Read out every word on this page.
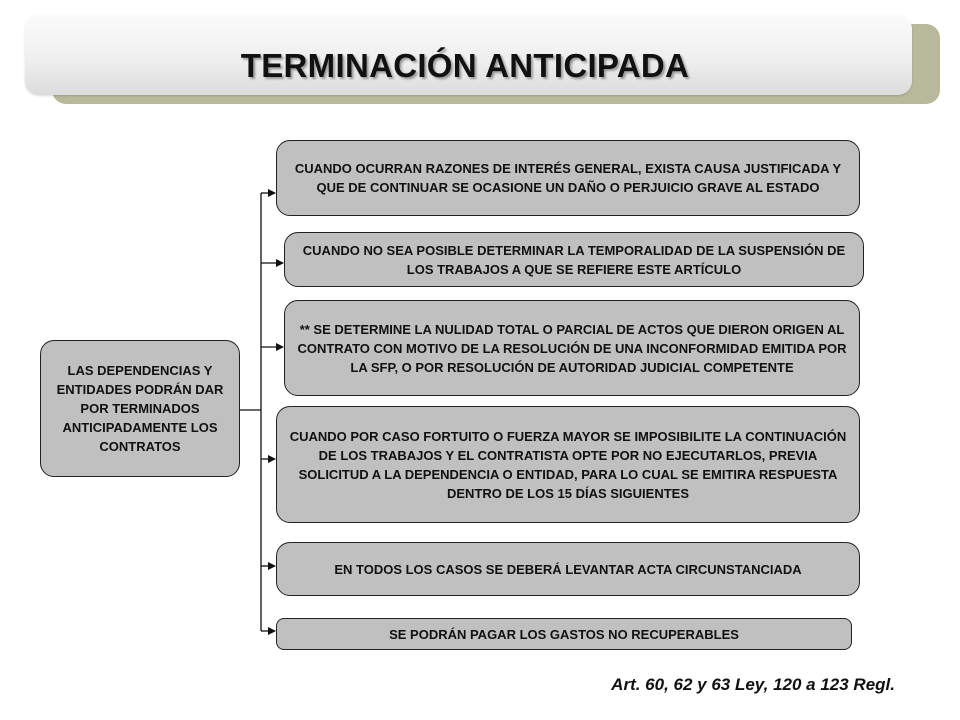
TERMINACIÓN ANTICIPADA
LAS DEPENDENCIAS Y ENTIDADES PODRÁN DAR POR TERMINADOS ANTICIPADAMENTE LOS CONTRATOS
CUANDO OCURRAN RAZONES DE INTERÉS GENERAL, EXISTA CAUSA JUSTIFICADA Y QUE DE CONTINUAR SE OCASIONE UN DAÑO O PERJUICIO GRAVE AL ESTADO
CUANDO NO SEA POSIBLE DETERMINAR LA TEMPORALIDAD DE LA SUSPENSIÓN DE LOS TRABAJOS A QUE SE REFIERE ESTE ARTÍCULO
** SE DETERMINE LA NULIDAD TOTAL O PARCIAL DE ACTOS QUE DIERON ORIGEN AL CONTRATO CON MOTIVO DE LA RESOLUCIÓN DE UNA INCONFORMIDAD EMITIDA POR LA SFP, O POR RESOLUCIÓN DE AUTORIDAD JUDICIAL COMPETENTE
CUANDO POR CASO FORTUITO O FUERZA MAYOR SE IMPOSIBILITE LA CONTINUACIÓN DE LOS TRABAJOS Y EL CONTRATISTA OPTE POR NO EJECUTARLOS, PREVIA SOLICITUD A LA DEPENDENCIA O ENTIDAD, PARA LO CUAL SE EMITIRA RESPUESTA DENTRO DE LOS 15 DÍAS SIGUIENTES
EN TODOS LOS CASOS SE DEBERÁ LEVANTAR ACTA CIRCUNSTANCIADA
SE PODRÁN PAGAR LOS GASTOS NO RECUPERABLES
Art. 60, 62 y 63 Ley, 120 a 123 Regl.
